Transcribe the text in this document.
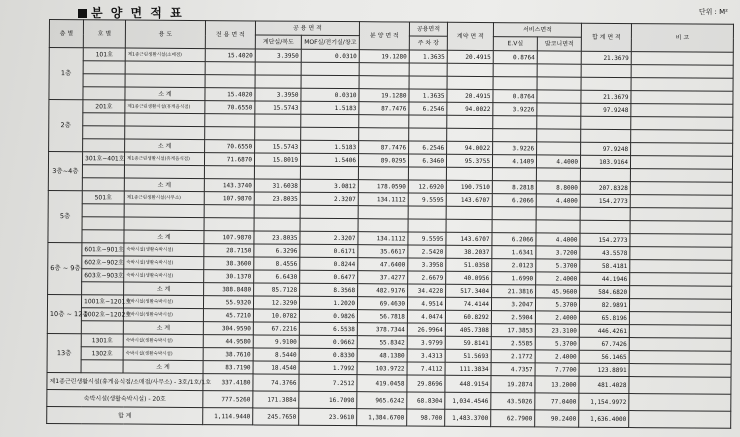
분 양 면 적 표	단위 : M²
층 별	호 별	용 도	전 용 면 적	공 용 면 적		분 양 면 적	공용면적	계약 면 적	서비스면적		합 계 면 적	비 고
				계단실/복도	MOF실/전기실/창고		주 차 장		E.V실	발코니면적		
1층	101호	제1종근린생활시설(소매점)	15.4020	3.3950	0.0310	19.1280	1.3635	20.4915	0.8764		21.3679	

		소 계	15.4020	3.3950	0.0310	19.1280	1.3635	20.4915	0.8764		21.3679	
2층	201호	제1종근린생활시설(휴게음식점)	70.6550	15.5743	1.5183	87.7476	6.2546	94.0022	3.9226		97.9248	

		소 계	70.6550	15.5743	1.5183	87.7476	6.2546	94.0022	3.9226		97.9248	
3층~4층	301호~401호	제1종근린생활시설(휴게음식점)	71.6870	15.8019	1.5406	89.0295	6.3460	95.3755	4.1409	4.4000	103.9164	

		소 계	143.3740	31.6038	3.0812	178.0590	12.6920	190.7510	8.2818	8.8000	207.8328	
5층	501호	제1종근린생활시설(사무소)	107.9870	23.8035	2.3207	134.1112	9.5595	143.6707	6.2066	4.4000	154.2773	

		소 계	107.9870	23.8035	2.3207	134.1112	9.5595	143.6707	6.2066	4.4000	154.2773	
6층 ~ 9층	601호~901호	숙박시설(생활숙박시설)	28.7150	6.3296	0.6171	35.6617	2.5420	38.2037	1.6341	3.7200	43.5578	
	602호~902호	숙박시설(생활숙박시설)	38.3600	8.4556	0.8244	47.6400	3.3958	51.0358	2.0123	5.3700	58.4181	
	603호~903호	숙박시설(생활숙박시설)	30.1370	6.6430	0.6477	37.4277	2.6679	40.0956	1.6990	2.4000	44.1946	
		소 계	388.8480	85.7128	8.3568	482.9176	34.4228	517.3404	21.3816	45.9600	584.6820	
10층 ~ 12층	1001호~1201호	숙박시설(생활숙박시설)	55.9320	12.3290	1.2020	69.4630	4.9514	74.4144	3.2047	5.3700	82.9891	
	1002호~1202호	숙박시설(생활숙박시설)	45.7210	10.0782	0.9826	56.7818	4.0474	60.8292	2.5904	2.4000	65.8196	
		소 계	304.9590	67.2216	6.5538	378.7344	26.9964	405.7308	17.3853	23.3100	446.4261	
13층	1301호	숙박시설(생활숙박시설)	44.9580	9.9100	0.9662	55.8342	3.9799	59.8141	2.5585	5.3700	67.7426	
	1302호	숙박시설(생활숙박시설)	38.7610	8.5440	0.8330	48.1380	3.4313	51.5693	2.1772	2.4000	56.1465	
		소 계	83.7190	18.4540	1.7992	103.9722	7.4112	111.3834	4.7357	7.7700	123.8891	
제1종근린생활시설(휴게음식점/소매점/사무소) - 3호/1호/1호			337.4180	74.3766	7.2512	419.0458	29.8696	448.9154	19.2874	13.2000	481.4028	
숙박시설(생활숙박시설) - 20호			777.5260	171.3884	16.7098	965.6242	68.8304	1,034.4546	43.5026	77.0400	1,154.9972	
합 계			1,114.9440	245.7650	23.9610	1,384.6700	98.700	1,483.3700	62.7900	90.2400	1,636.4000	
